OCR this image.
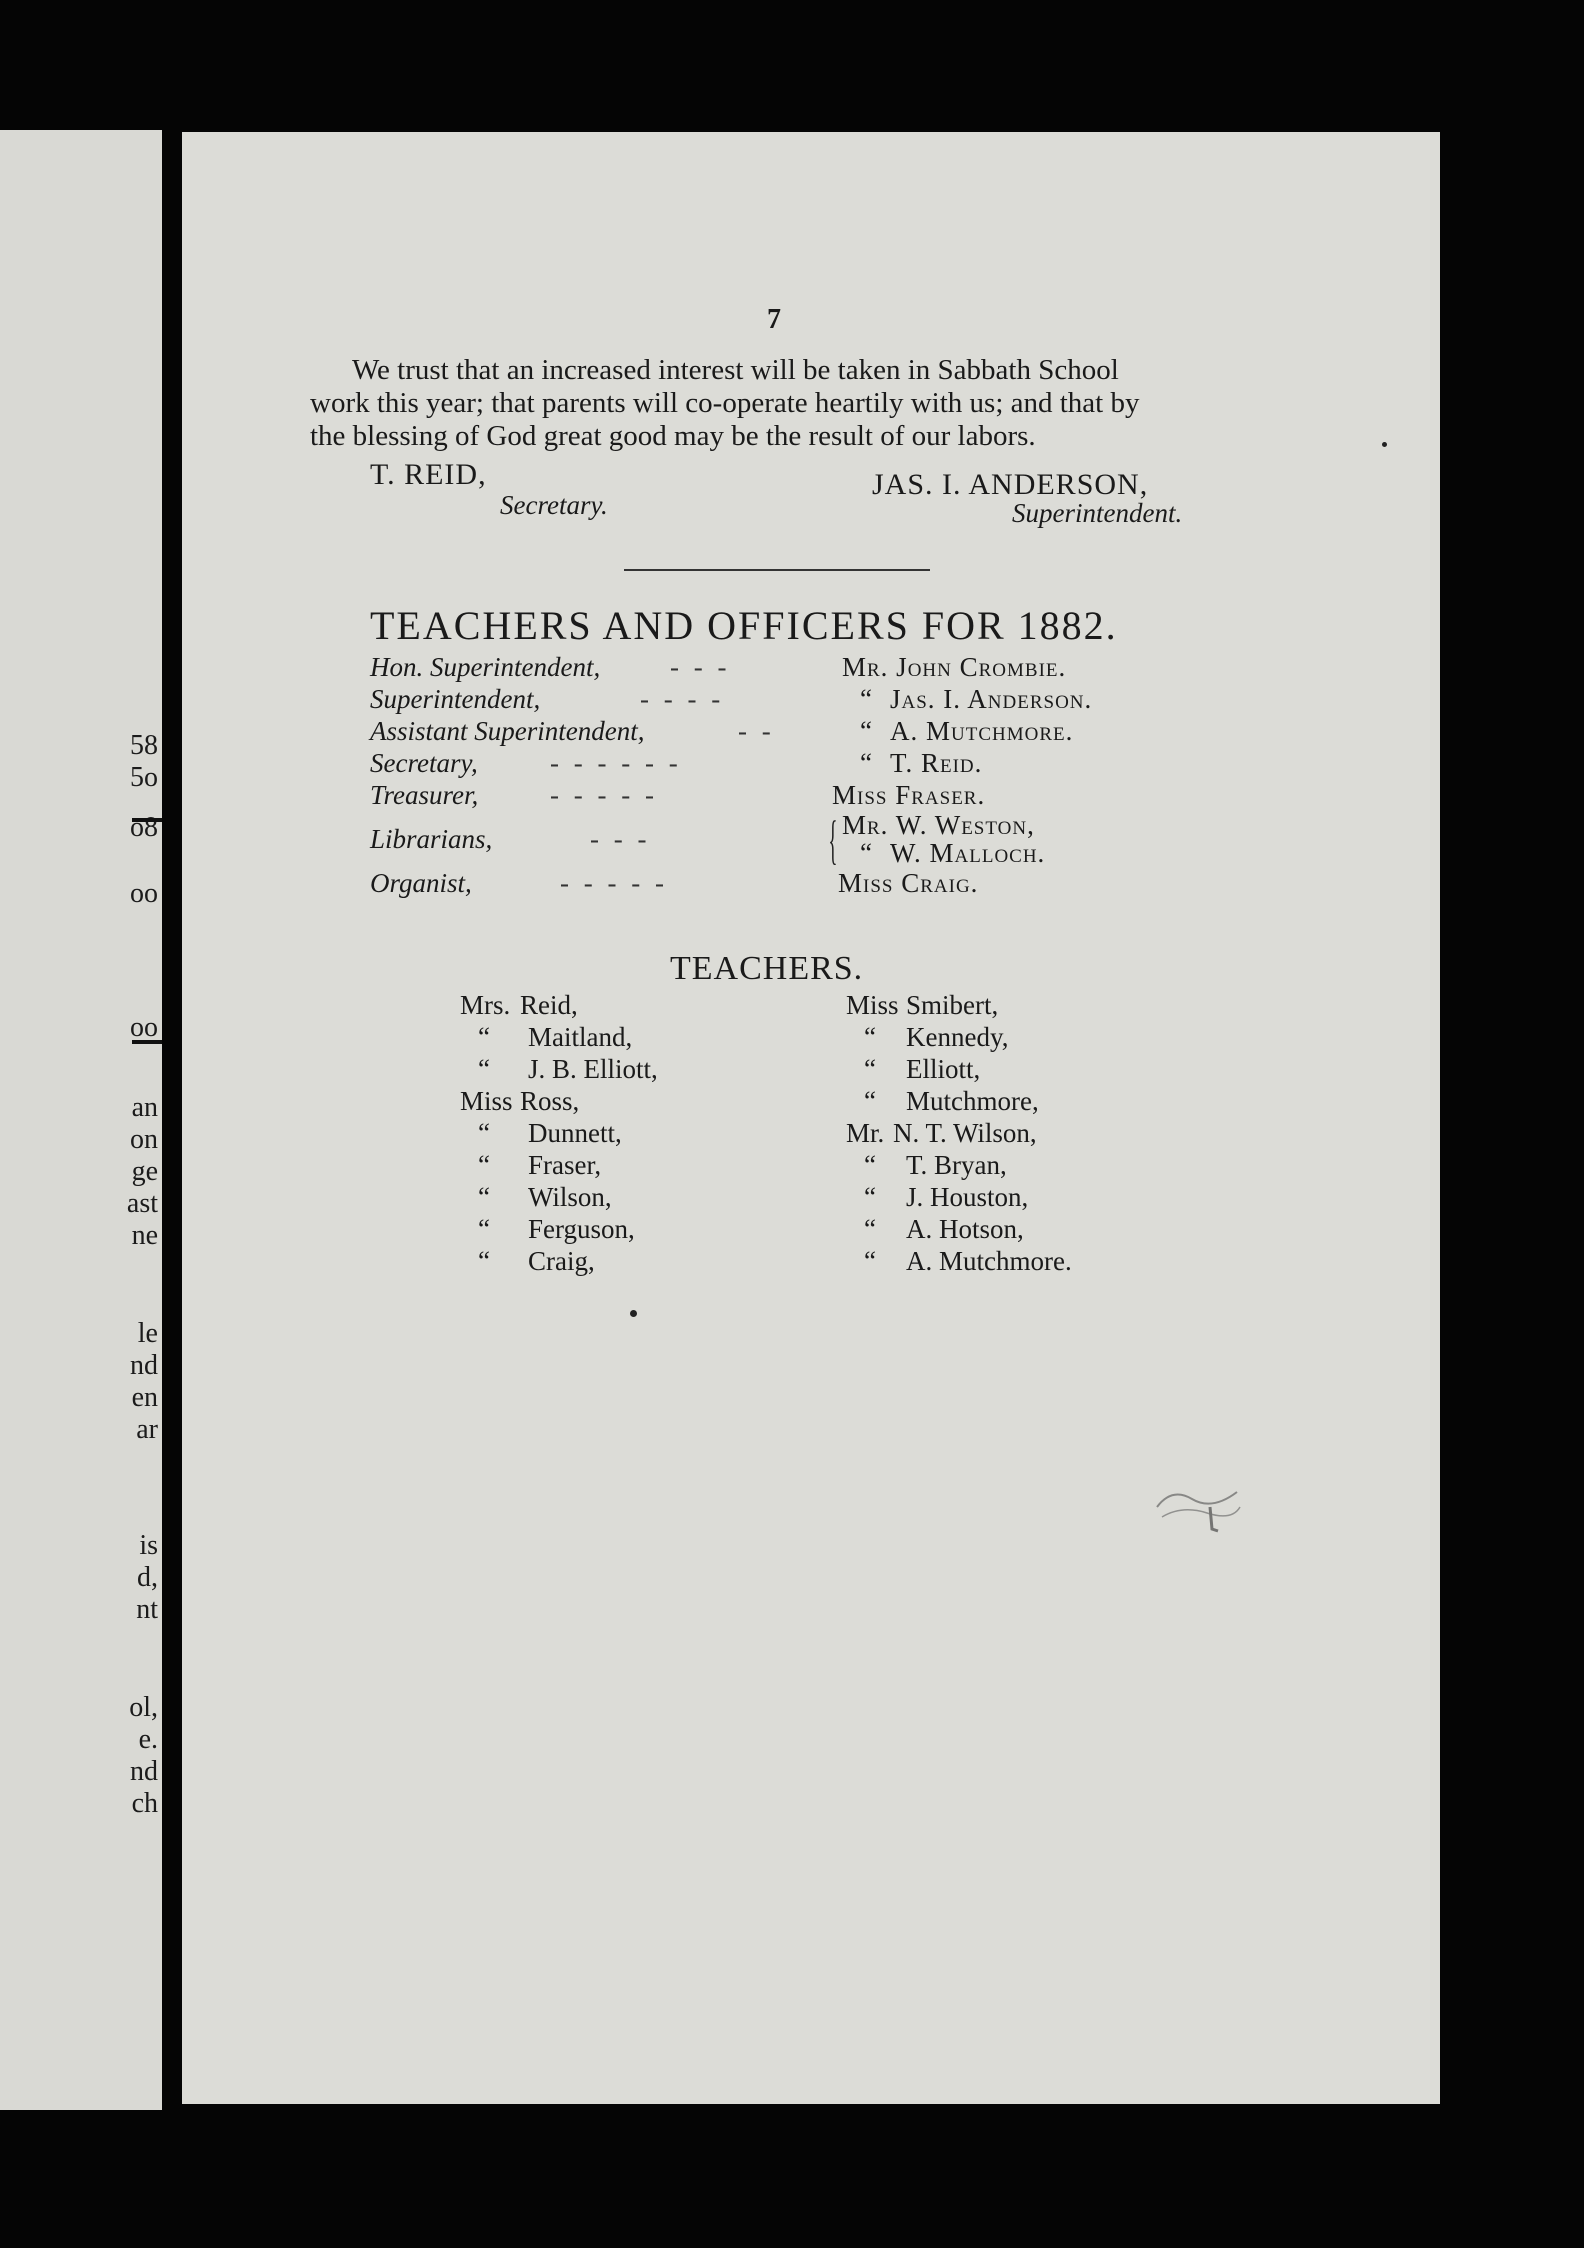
58
5o
o8
oo
oo
an
on
ge
ast
ne
le
nd
en
ar
is
d,
nt
ol,
e.
nd
ch
7

We trust that an increased interest will be taken in Sabbath School

work this year; that parents will co-operate heartily with us; and that by

the blessing of God great good may be the result of our labors.

T. REID,
Secretary.
JAS. I. ANDERSON,
Superintendent.
TEACHERS AND OFFICERS FOR 1882.
Hon. Superintendent,	- - -	Mr. John Crombie.
Superintendent,	- - - -	“ Jas. I. Anderson.
Assistant Superintendent,	- -	“ A. Mutchmore.
Secretary,	- - - - - -	“ T. Reid.
Treasurer,	- - - - -	Miss Fraser.
Librarians,	- - -	{ Mr. W. Weston,
“ W. Malloch.
Organist,	- - - - -	Miss Craig.
TEACHERS.
Mrs. Reid,
“ Maitland,
“ J. B. Elliott,
Miss Ross,
“ Dunnett,
“ Fraser,
“ Wilson,
“ Ferguson,
“ Craig,
Miss Smibert,
“ Kennedy,
“ Elliott,
“ Mutchmore,
Mr. N. T. Wilson,
“ T. Bryan,
“ J. Houston,
“ A. Hotson,
“ A. Mutchmore.
